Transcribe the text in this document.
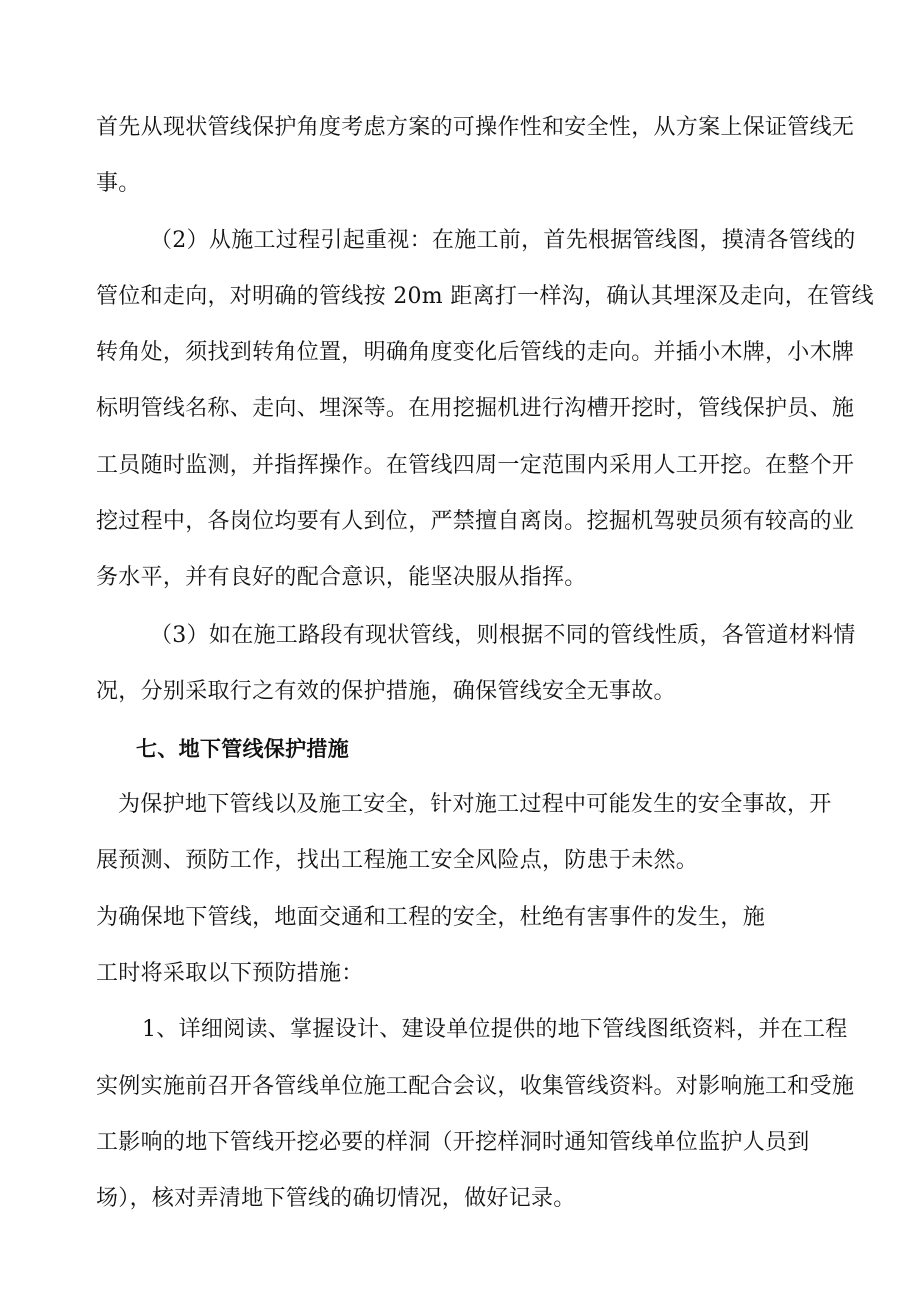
首先从现状管线保护角度考虑方案的可操作性和安全性，从方案上保证管线无
事。
（2）从施工过程引起重视：在施工前，首先根据管线图，摸清各管线的
管位和走向，对明确的管线按 20m 距离打一样沟，确认其埋深及走向，在管线
转角处，须找到转角位置，明确角度变化后管线的走向。并插小木牌，小木牌
标明管线名称、走向、埋深等。在用挖掘机进行沟槽开挖时，管线保护员、施
工员随时监测，并指挥操作。在管线四周一定范围内采用人工开挖。在整个开
挖过程中，各岗位均要有人到位，严禁擅自离岗。挖掘机驾驶员须有较高的业
务水平，并有良好的配合意识，能坚决服从指挥。
（3）如在施工路段有现状管线，则根据不同的管线性质，各管道材料情
况，分别采取行之有效的保护措施，确保管线安全无事故。
七、地下管线保护措施
为保护地下管线以及施工安全，针对施工过程中可能发生的安全事故，开
展预测、预防工作，找出工程施工安全风险点，防患于未然。
为确保地下管线，地面交通和工程的安全，杜绝有害事件的发生，施
工时将采取以下预防措施：
1、详细阅读、掌握设计、建设单位提供的地下管线图纸资料，并在工程
实例实施前召开各管线单位施工配合会议，收集管线资料。对影响施工和受施
工影响的地下管线开挖必要的样洞（开挖样洞时通知管线单位监护人员到
场），核对弄清地下管线的确切情况，做好记录。
